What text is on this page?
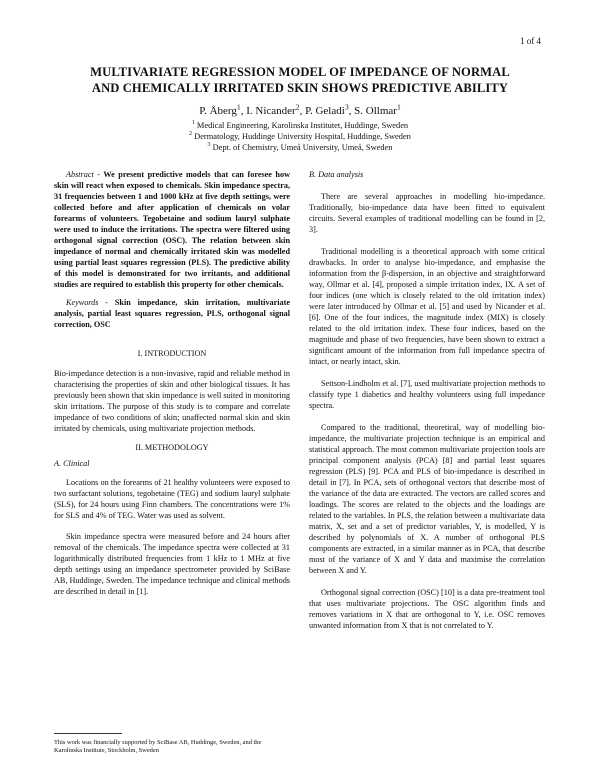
1 of 4
MULTIVARIATE REGRESSION MODEL OF IMPEDANCE OF NORMAL
AND CHEMICALLY IRRITATED SKIN SHOWS PREDICTIVE ABILITY
P. Åberg$^1$, I. Nicander$^2$, P. Geladi$^3$, S. Ollmar$^1$
$^1$ Medical Engineering, Karolinska Institutet, Huddinge, Sweden
$^2$ Dermatology, Huddinge University Hospital, Huddinge, Sweden
$^3$ Dept. of Chemistry, Umeå University, Umeå, Sweden

Abstract - We present predictive models that can foresee how skin will react when exposed to chemicals. Skin impedance spectra, 31 frequencies between 1 and 1000 kHz at five depth settings, were collected before and after application of chemicals on volar forearms of volunteers. Tegobetaine and sodium lauryl sulphate were used to induce the irritations. The spectra were filtered using orthogonal signal correction (OSC). The relation between skin impedance of normal and chemically irritated skin was modelled using partial least squares regression (PLS). The predictive ability of this model is demonstrated for two irritants, and additional studies are required to establish this property for other chemicals.

Keywords - Skin impedance, skin irritation, multivariate analysis, partial least squares regression, PLS, orthogonal signal correction, OSC

I. INTRODUCTION

Bio-impedance detection is a non-invasive, rapid and reliable method in characterising the properties of skin and other biological tissues. It has previously been shown that skin impedance is well suited in monitoring skin irritations. The purpose of this study is to compare and correlate impedance of two conditions of skin; unaffected normal skin and skin irritated by chemicals, using multivariate projection methods.

II. METHODOLOGY
A. Clinical

Locations on the forearms of 21 healthy volunteers were exposed to two surfactant solutions, tegobetaine (TEG) and sodium lauryl sulphate (SLS), for 24 hours using Finn chambers. The concentrations were 1% for SLS and 4% of TEG. Water was used as solvent.

Skin impedance spectra were measured before and 24 hours after removal of the chemicals. The impedance spectra were collected at 31 logarithmically distributed frequencies from 1 kHz to 1 MHz at five depth settings using an impedance spectrometer provided by SciBase AB, Huddinge, Sweden. The impedance technique and clinical methods are described in detail in [1].

This work was financially supported by SciBase AB, Huddinge, Sweden, and the Karolinska Institute, Stockholm, Sweden
B. Data analysis

There are several approaches in modelling bio-impedance. Traditionally, bio-impedance data have been fitted to equivalent circuits. Several examples of traditional modelling can be found in [2, 3].

Traditional modelling is a theoretical approach with some critical drawbacks. In order to analyse bio-impedance, and emphasise the information from the β-dispersion, in an objective and straightforward way, Ollmar et al. [4], proposed a simple irritation index, IX. A set of four indices (one which is closely related to the old irritation index) were later introduced by Ollmar et al. [5] and used by Nicander et al. [6]. One of the four indices, the magnitude index (MIX) is closely related to the old irritation index. These four indices, based on the magnitude and phase of two frequencies, have been shown to extract a significant amount of the information from full impedance spectra of intact, or nearly intact, skin.

Settson-Lindholm et al. [7], used multivariate projection methods to classify type 1 diabetics and healthy volunteers using full impedance spectra.

Compared to the traditional, theoretical, way of modelling bio-impedance, the multivariate projection technique is an empirical and statistical approach. The most common multivariate projection tools are principal component analysis (PCA) [8] and partial least squares regression (PLS) [9]. PCA and PLS of bio-impedance is described in detail in [7]. In PCA, sets of orthogonal vectors that describe most of the variance of the data are extracted. The vectors are called scores and loadings. The scores are related to the objects and the loadings are related to the variables. In PLS, the relation between a multivariate data matrix, X, set and a set of predictor variables, Y, is modelled, Y is described by polynomials of X. A number of orthogonal PLS components are extracted, in a similar manner as in PCA, that describe most of the variance of X and Y data and maximise the correlation between X and Y.

Orthogonal signal correction (OSC) [10] is a data pre-treatment tool that uses multivariate projections. The OSC algorithm finds and removes variations in X that are orthogonal to Y, i.e. OSC removes unwanted information from X that is not correlated to Y.
